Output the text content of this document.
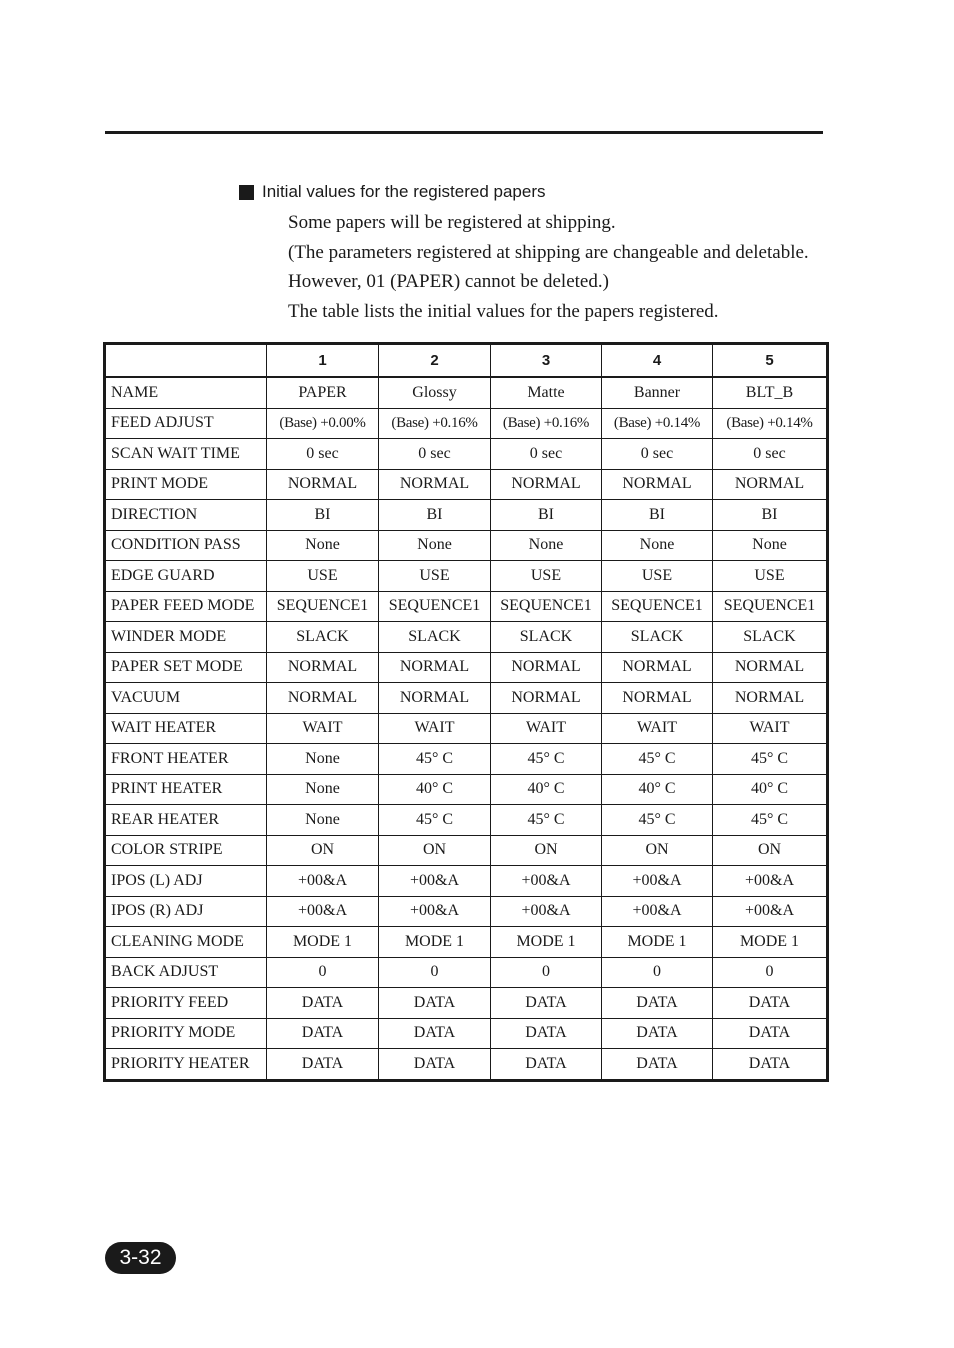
Initial values for the registered papers
Some papers will be registered at shipping.
(The parameters registered at shipping are changeable and deletable.
However, 01 (PAPER) cannot be deleted.)
The table lists the initial values for the papers registered.
	1	2	3	4	5
NAME	PAPER	Glossy	Matte	Banner	BLT_B
FEED ADJUST	(Base) +0.00%	(Base) +0.16%	(Base) +0.16%	(Base) +0.14%	(Base) +0.14%
SCAN WAIT TIME	0 sec	0 sec	0 sec	0 sec	0 sec
PRINT MODE	NORMAL	NORMAL	NORMAL	NORMAL	NORMAL
DIRECTION	BI	BI	BI	BI	BI
CONDITION PASS	None	None	None	None	None
EDGE GUARD	USE	USE	USE	USE	USE
PAPER FEED MODE	SEQUENCE1	SEQUENCE1	SEQUENCE1	SEQUENCE1	SEQUENCE1
WINDER MODE	SLACK	SLACK	SLACK	SLACK	SLACK
PAPER SET MODE	NORMAL	NORMAL	NORMAL	NORMAL	NORMAL
VACUUM	NORMAL	NORMAL	NORMAL	NORMAL	NORMAL
WAIT HEATER	WAIT	WAIT	WAIT	WAIT	WAIT
FRONT HEATER	None	45° C	45° C	45° C	45° C
PRINT HEATER	None	40° C	40° C	40° C	40° C
REAR HEATER	None	45° C	45° C	45° C	45° C
COLOR STRIPE	ON	ON	ON	ON	ON
IPOS (L) ADJ	+00&A	+00&A	+00&A	+00&A	+00&A
IPOS (R) ADJ	+00&A	+00&A	+00&A	+00&A	+00&A
CLEANING MODE	MODE 1	MODE 1	MODE 1	MODE 1	MODE 1
BACK ADJUST	0	0	0	0	0
PRIORITY FEED	DATA	DATA	DATA	DATA	DATA
PRIORITY MODE	DATA	DATA	DATA	DATA	DATA
PRIORITY HEATER	DATA	DATA	DATA	DATA	DATA
3-32
